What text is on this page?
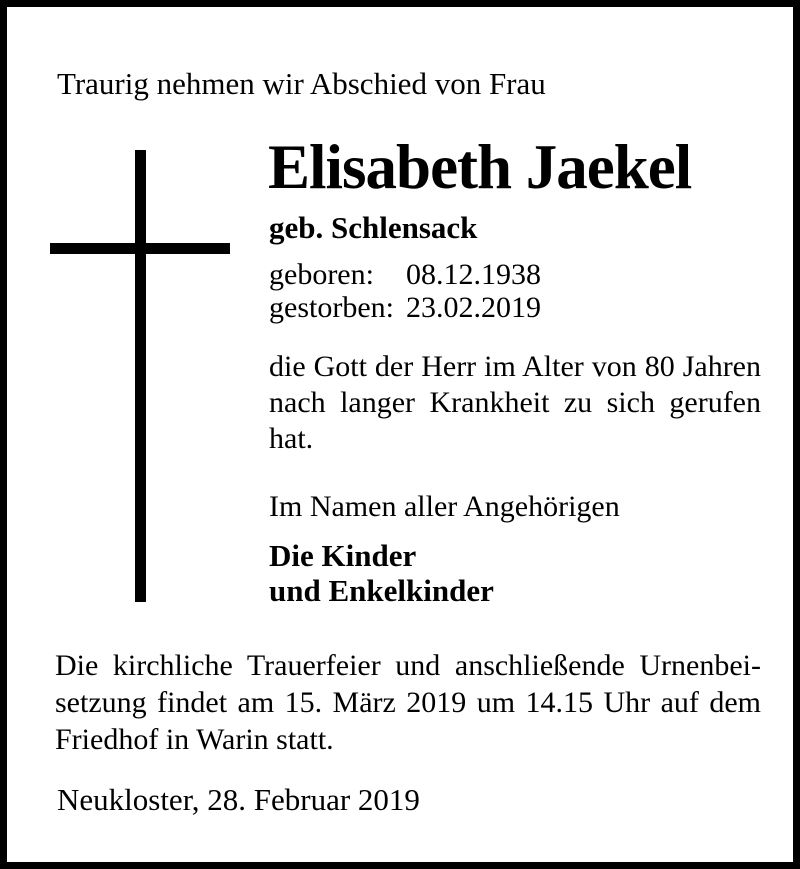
Traurig nehmen wir Abschied von Frau
Elisabeth Jaekel
geb. Schlensack
geboren: 08.12.1938
gestorben: 23.02.2019
die Gott der Herr im Alter von 80 Jahren
nach langer Krankheit zu sich gerufen
hat.
Im Namen aller Angehörigen
Die Kinder
und Enkelkinder
Die kirchliche Trauerfeier und anschließende Urnenbei-
setzung findet am 15. März 2019 um 14.15 Uhr auf dem
Friedhof in Warin statt.
Neukloster, 28. Februar 2019
